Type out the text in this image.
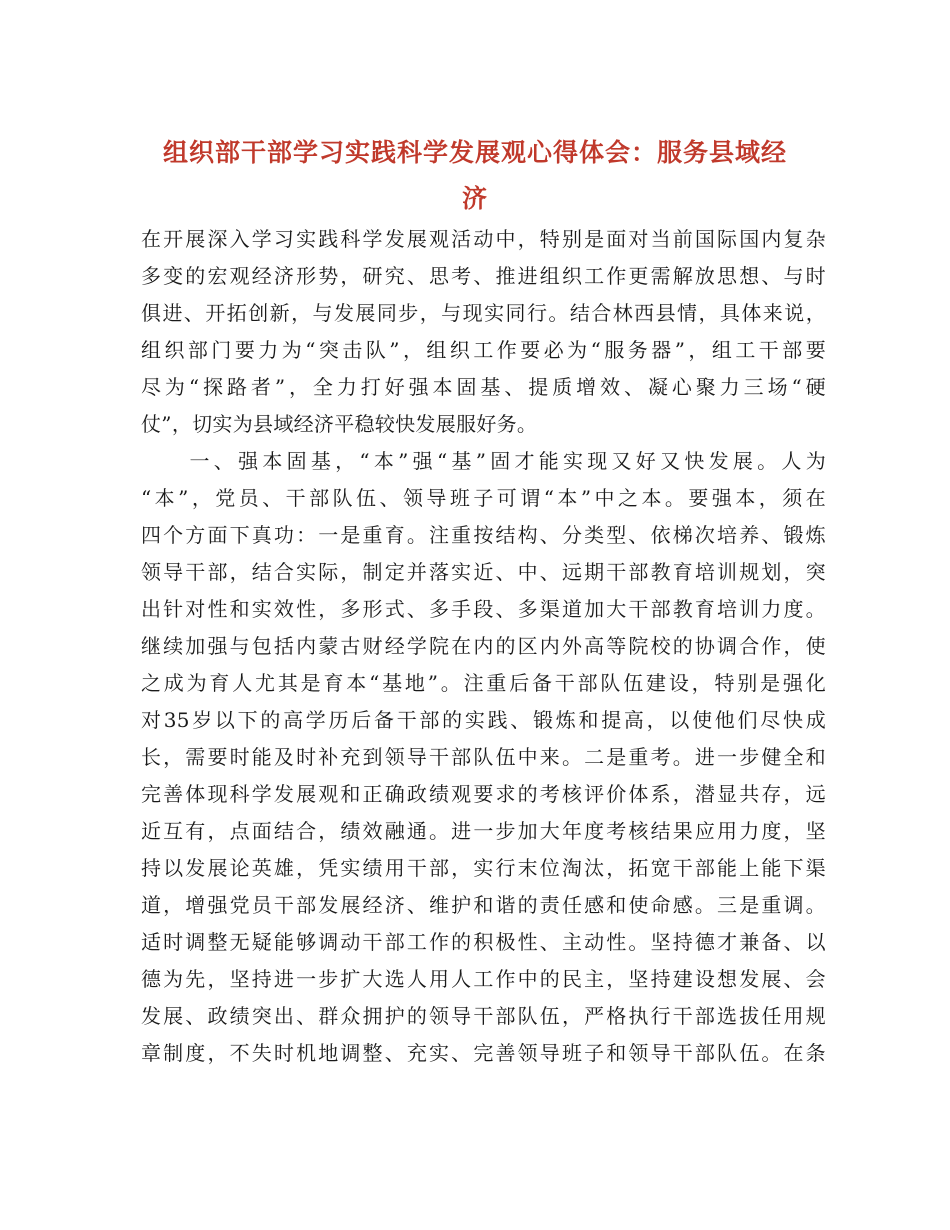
组织部干部学习实践科学发展观心得体会：服务县域经
济
在开展深入学习实践科学发展观活动中，特别是面对当前国际国内复杂
多变的宏观经济形势，研究、思考、推进组织工作更需解放思想、与时
俱进、开拓创新，与发展同步，与现实同行。结合林西县情，具体来说，
组织部门要力为“突击队”，组织工作要必为“服务器”，组工干部要
尽为“探路者”，全力打好强本固基、提质增效、凝心聚力三场“硬
仗”，切实为县域经济平稳较快发展服好务。
　　一、强本固基，“本”强“基”固才能实现又好又快发展。人为
“本”，党员、干部队伍、领导班子可谓“本”中之本。要强本，须在
四个方面下真功：一是重育。注重按结构、分类型、依梯次培养、锻炼
领导干部，结合实际，制定并落实近、中、远期干部教育培训规划，突
出针对性和实效性，多形式、多手段、多渠道加大干部教育培训力度。
继续加强与包括内蒙古财经学院在内的区内外高等院校的协调合作，使
之成为育人尤其是育本“基地”。注重后备干部队伍建设，特别是强化
对35岁以下的高学历后备干部的实践、锻炼和提高，以使他们尽快成
长，需要时能及时补充到领导干部队伍中来。二是重考。进一步健全和
完善体现科学发展观和正确政绩观要求的考核评价体系，潜显共存，远
近互有，点面结合，绩效融通。进一步加大年度考核结果应用力度，坚
持以发展论英雄，凭实绩用干部，实行末位淘汰，拓宽干部能上能下渠
道，增强党员干部发展经济、维护和谐的责任感和使命感。三是重调。
适时调整无疑能够调动干部工作的积极性、主动性。坚持德才兼备、以
德为先，坚持进一步扩大选人用人工作中的民主，坚持建设想发展、会
发展、政绩突出、群众拥护的领导干部队伍，严格执行干部选拔任用规
章制度，不失时机地调整、充实、完善领导班子和领导干部队伍。在条
